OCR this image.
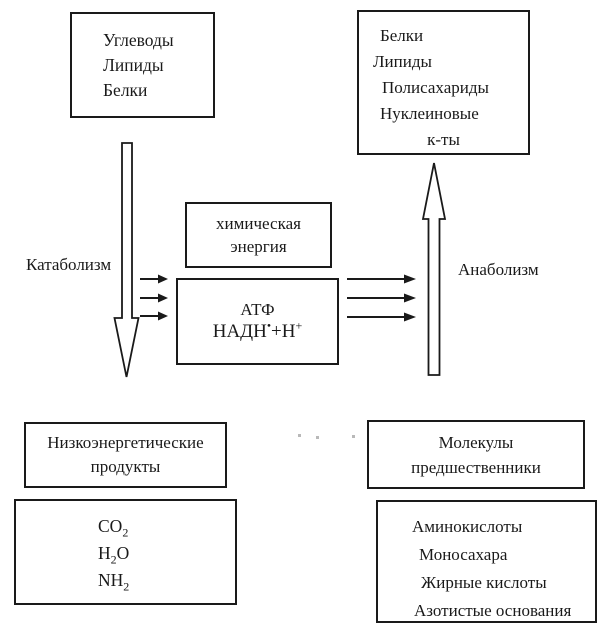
Углеводы
Липиды
Белки
Белки
Липиды
Полисахариды
Нуклеиновые
к-ты
химическая
энергия
АТФ
НАДН•+Н+
Катаболизм	Анаболизм
Низкоэнергетические
продукты
$CO_2$
$H_2O$
$NH_2$
Молекулы
предшественники
Аминокислоты
Моносахара
Жирные кислоты
Азотистые основания
